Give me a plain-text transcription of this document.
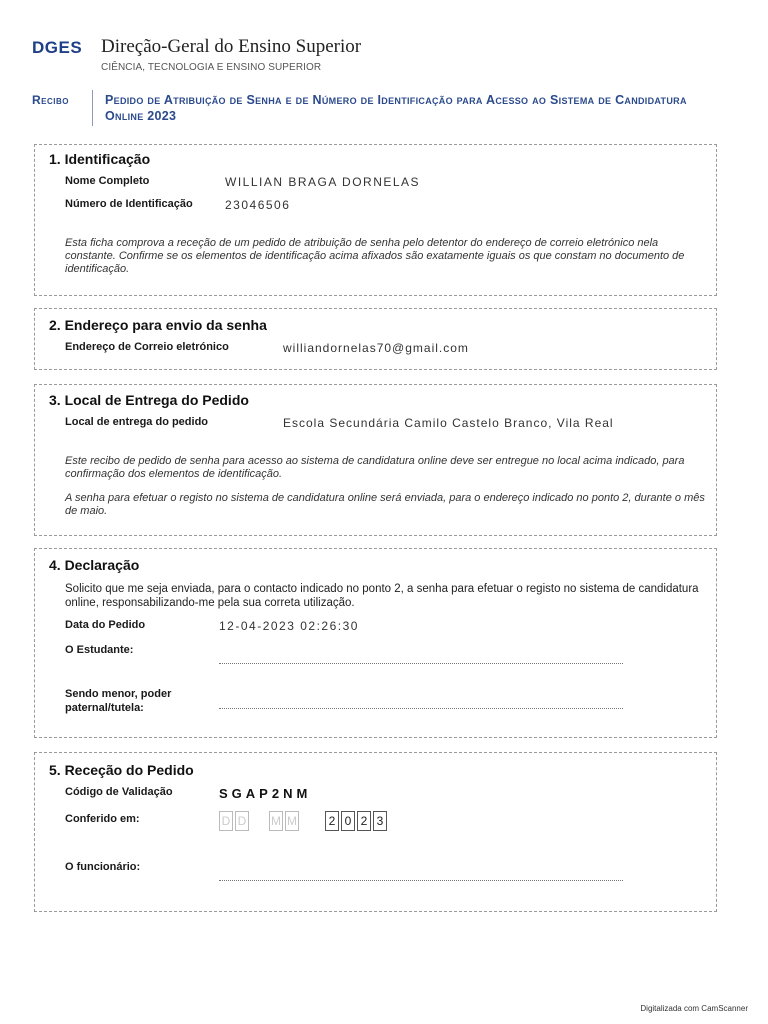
DGES Direção-Geral do Ensino Superior
CIÊNCIA, TECNOLOGIA E ENSINO SUPERIOR
Recibo	Pedido de Atribuição de Senha e de Número de Identificação para Acesso ao Sistema de Candidatura Online 2023
1. Identificação
Nome Completo	WILLIAN BRAGA DORNELAS
Número de Identificação	23046506
Esta ficha comprova a receção de um pedido de atribuição de senha pelo detentor do endereço de correio eletrónico nela constante. Confirme se os elementos de identificação acima afixados são exatamente iguais os que constam no documento de identificação.
2. Endereço para envio da senha
Endereço de Correio eletrónico	williandornelas70@gmail.com
3. Local de Entrega do Pedido
Local de entrega do pedido	Escola Secundária Camilo Castelo Branco, Vila Real
Este recibo de pedido de senha para acesso ao sistema de candidatura online deve ser entregue no local acima indicado, para confirmação dos elementos de identificação.
A senha para efetuar o registo no sistema de candidatura online será enviada, para o endereço indicado no ponto 2, durante o mês de maio.
4. Declaração
Solicito que me seja enviada, para o contacto indicado no ponto 2, a senha para efetuar o registo no sistema de candidatura online, responsabilizando-me pela sua correta utilização.
Data do Pedido	12-04-2023 02:26:30
O Estudante:
Sendo menor, poder
paternal/tutela:
5. Receção do Pedido
Código de Validação	SGAP2NM
Conferido em:	D D M M	2 0 2 3
O funcionário:
Digitalizada com CamScanner
